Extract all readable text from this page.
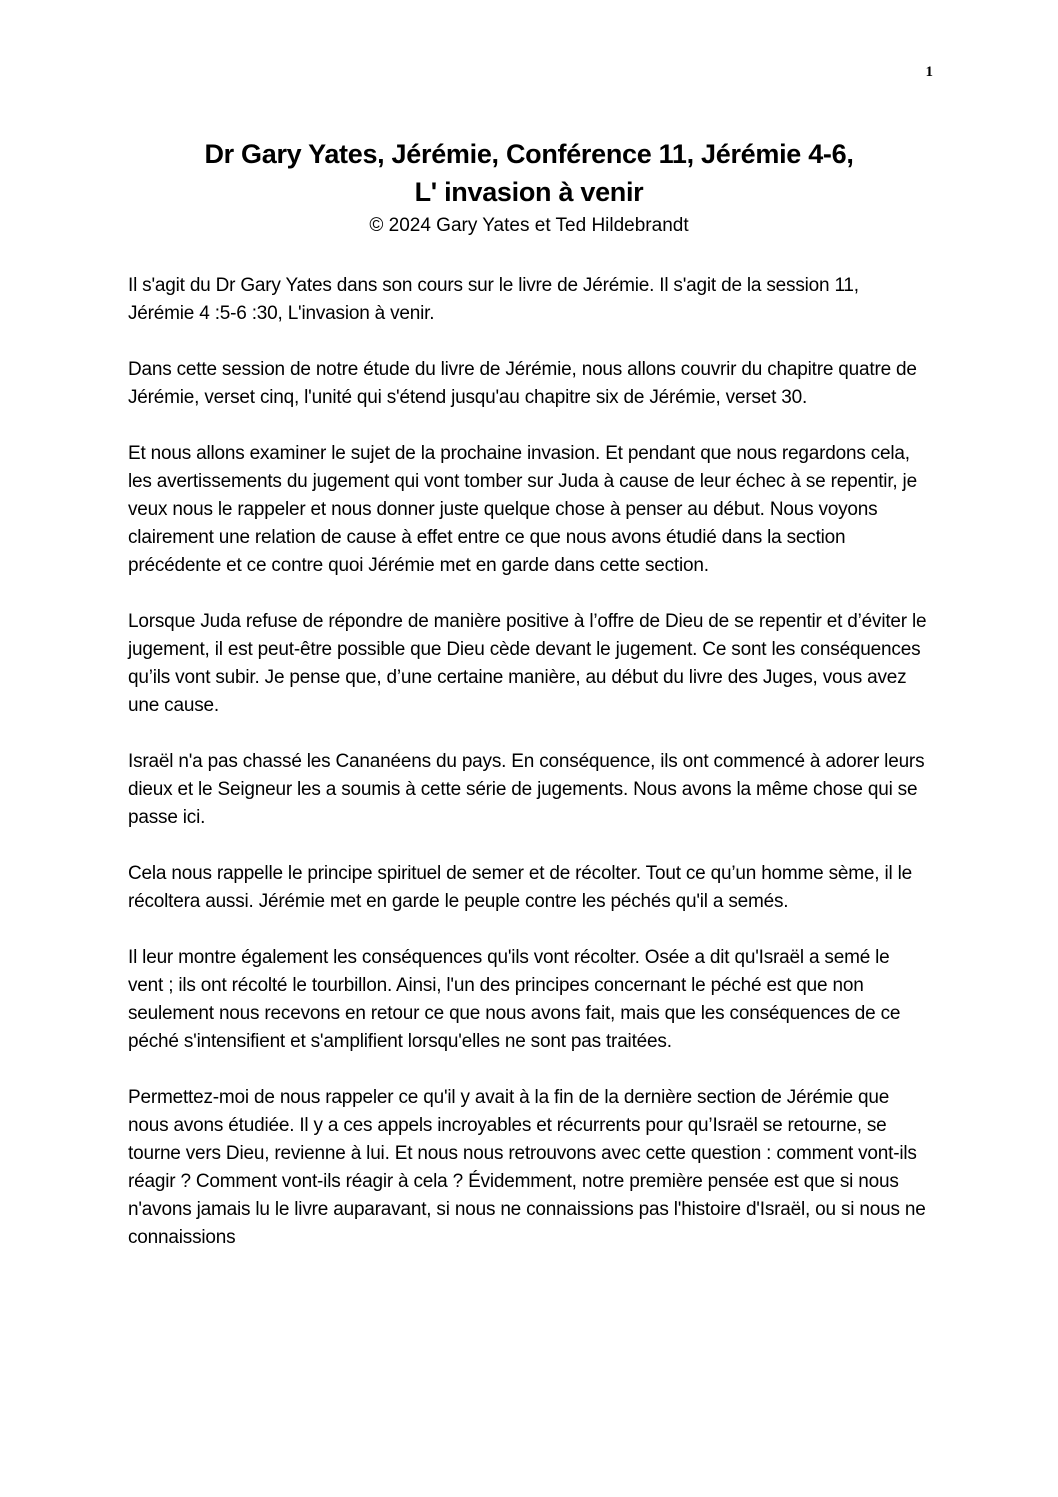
1
Dr Gary Yates, Jérémie, Conférence 11, Jérémie 4-6,
L' invasion à venir
© 2024 Gary Yates et Ted Hildebrandt

Il s'agit du Dr Gary Yates dans son cours sur le livre de Jérémie. Il s'agit de la session 11, Jérémie 4 :5-6 :30, L'invasion à venir.

Dans cette session de notre étude du livre de Jérémie, nous allons couvrir du chapitre quatre de Jérémie, verset cinq, l'unité qui s'étend jusqu'au chapitre six de Jérémie, verset 30.

Et nous allons examiner le sujet de la prochaine invasion. Et pendant que nous regardons cela, les avertissements du jugement qui vont tomber sur Juda à cause de leur échec à se repentir, je veux nous le rappeler et nous donner juste quelque chose à penser au début. Nous voyons clairement une relation de cause à effet entre ce que nous avons étudié dans la section précédente et ce contre quoi Jérémie met en garde dans cette section.

Lorsque Juda refuse de répondre de manière positive à l’offre de Dieu de se repentir et d’éviter le jugement, il est peut-être possible que Dieu cède devant le jugement. Ce sont les conséquences qu’ils vont subir. Je pense que, d’une certaine manière, au début du livre des Juges, vous avez une cause.

Israël n'a pas chassé les Cananéens du pays. En conséquence, ils ont commencé à adorer leurs dieux et le Seigneur les a soumis à cette série de jugements. Nous avons la même chose qui se passe ici.

Cela nous rappelle le principe spirituel de semer et de récolter. Tout ce qu’un homme sème, il le récoltera aussi. Jérémie met en garde le peuple contre les péchés qu'il a semés.

Il leur montre également les conséquences qu'ils vont récolter. Osée a dit qu'Israël a semé le vent ; ils ont récolté le tourbillon. Ainsi, l'un des principes concernant le péché est que non seulement nous recevons en retour ce que nous avons fait, mais que les conséquences de ce péché s'intensifient et s'amplifient lorsqu'elles ne sont pas traitées.

Permettez-moi de nous rappeler ce qu'il y avait à la fin de la dernière section de Jérémie que nous avons étudiée. Il y a ces appels incroyables et récurrents pour qu’Israël se retourne, se tourne vers Dieu, revienne à lui. Et nous nous retrouvons avec cette question : comment vont-ils réagir ? Comment vont-ils réagir à cela ? Évidemment, notre première pensée est que si nous n'avons jamais lu le livre auparavant, si nous ne connaissions pas l'histoire d'Israël, ou si nous ne connaissions
